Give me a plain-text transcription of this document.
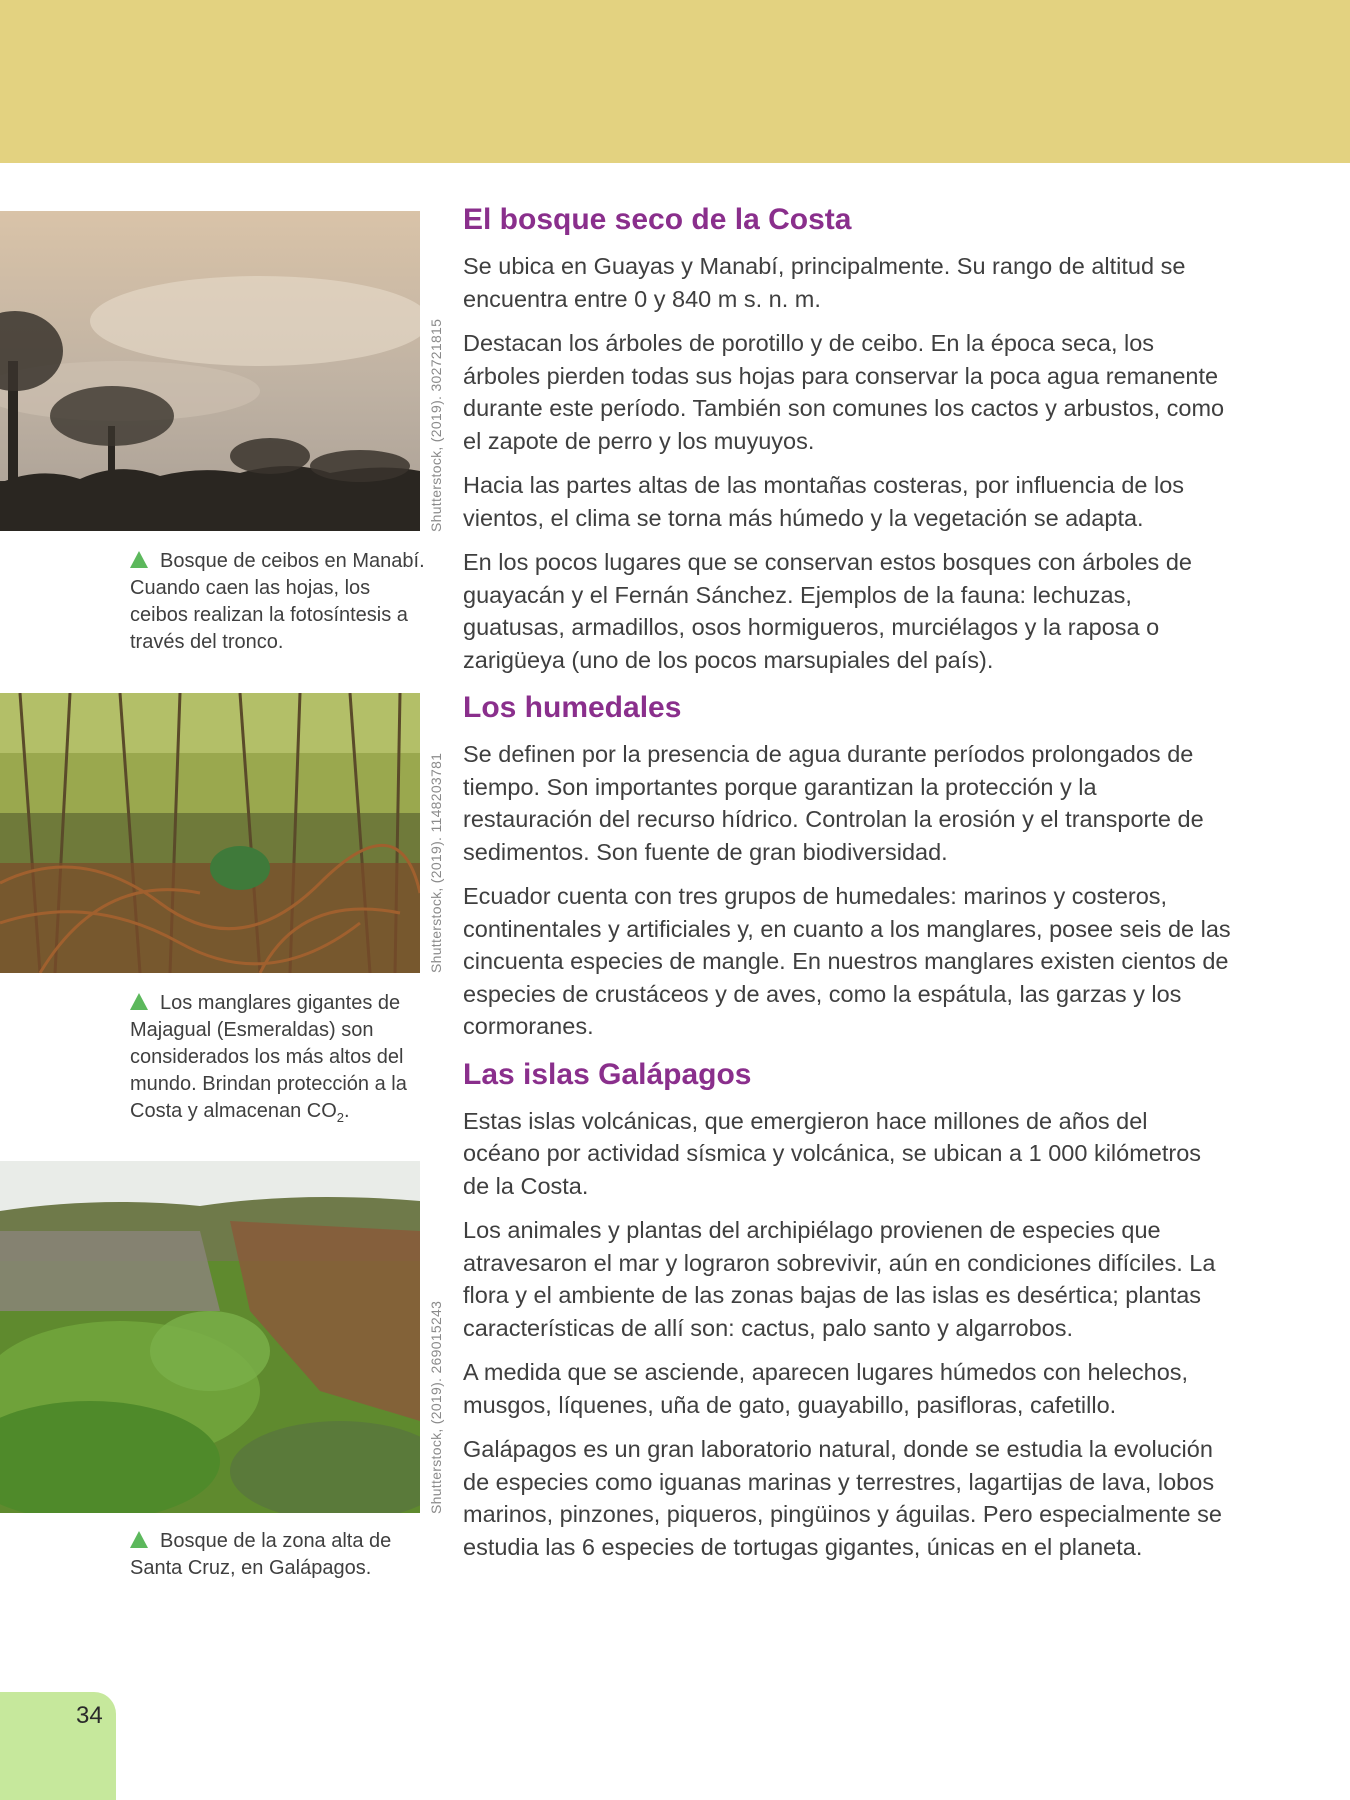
Shutterstock, (2019). 302721815

Bosque de ceibos en Manabí. Cuando caen las hojas, los ceibos realizan la fotosíntesis a través del tronco.

Shutterstock, (2019). 1148203781

Los manglares gigantes de Majagual (Esmeraldas) son considerados los más altos del mundo. Brindan protección a la Costa y almacenan $CO_2$.

Shutterstock, (2019). 269015243

Bosque de la zona alta de Santa Cruz, en Galápagos.

El bosque seco de la Costa

Se ubica en Guayas y Manabí, principalmente. Su rango de altitud se encuentra entre 0 y 840 m s. n. m.

Destacan los árboles de porotillo y de ceibo. En la época seca, los árboles pierden todas sus hojas para conservar la poca agua remanente durante este período. También son comunes los cactos y arbustos, como el zapote de perro y los muyuyos.

Hacia las partes altas de las montañas costeras, por influencia de los vientos, el clima se torna más húmedo y la vegetación se adapta.

En los pocos lugares que se conservan estos bosques con árboles de guayacán y el Fernán Sánchez. Ejemplos de la fauna: lechuzas, guatusas, armadillos, osos hormigueros, murciélagos y la raposa o zarigüeya (uno de los pocos marsupiales del país).

Los humedales

Se definen por la presencia de agua durante períodos prolongados de tiempo. Son importantes porque garantizan la protección y la restauración del recurso hídrico. Controlan la erosión y el transporte de sedimentos. Son fuente de gran biodiversidad.

Ecuador cuenta con tres grupos de humedales: marinos y costeros, continentales y artificiales y, en cuanto a los manglares, posee seis de las cincuenta especies de mangle. En nuestros manglares existen cientos de especies de crustáceos y de aves, como la espátula, las garzas y los cormoranes.

Las islas Galápagos

Estas islas volcánicas, que emergieron hace millones de años del océano por actividad sísmica y volcánica, se ubican a 1 000 kilómetros de la Costa.

Los animales y plantas del archipiélago provienen de especies que atravesaron el mar y lograron sobrevivir, aún en condiciones difíciles. La flora y el ambiente de las zonas bajas de las islas es desértica; plantas características de allí son: cactus, palo santo y algarrobos.

A medida que se asciende, aparecen lugares húmedos con helechos, musgos, líquenes, uña de gato, guayabillo, pasifloras, cafetillo.

Galápagos es un gran laboratorio natural, donde se estudia la evolución de especies como iguanas marinas y terrestres, lagartijas de lava, lobos marinos, pinzones, piqueros, pingüinos y águilas. Pero especialmente se estudia las 6 especies de tortugas gigantes, únicas en el planeta.

34
